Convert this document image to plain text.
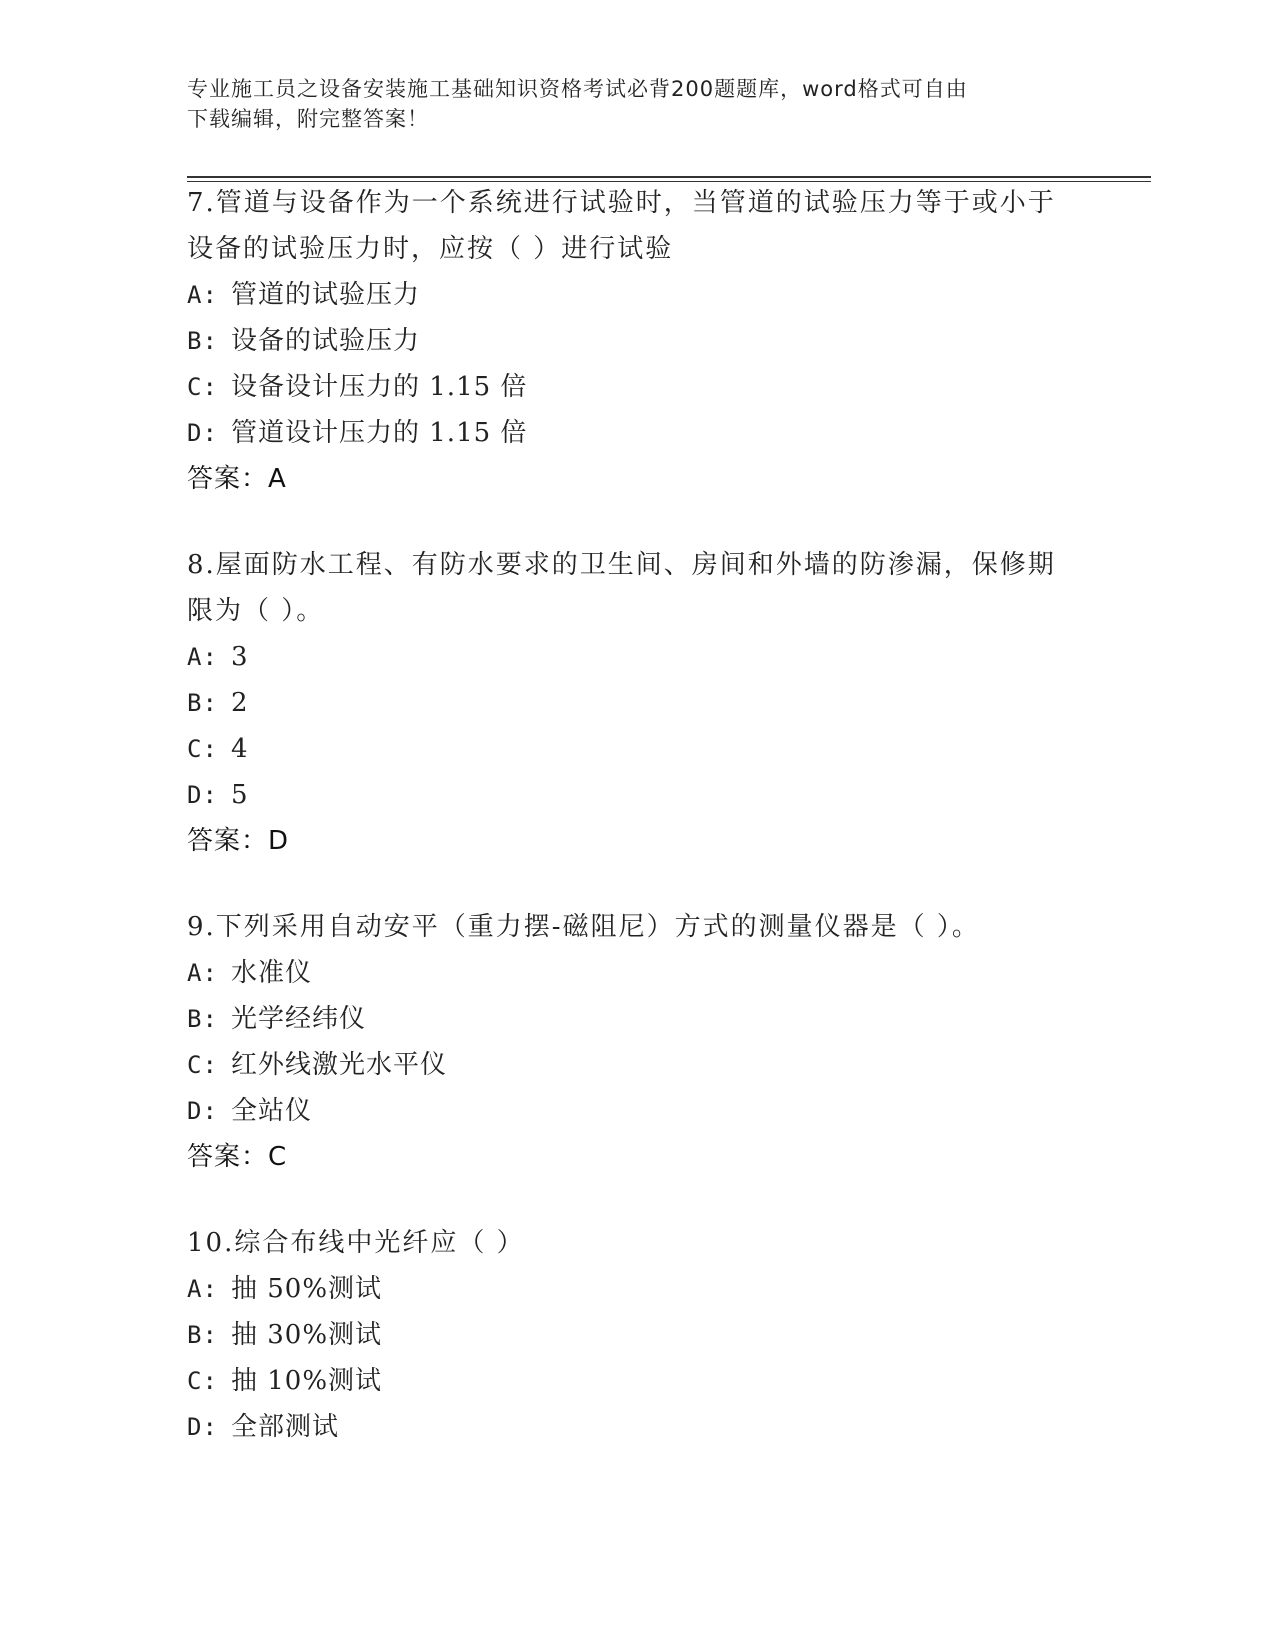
专业施工员之设备安装施工基础知识资格考试必背200题题库，word格式可自由
下载编辑，附完整答案！

7.管道与设备作为一个系统进行试验时，当管道的试验压力等于或小于设备的试验压力时，应按（ ）进行试验

A: 管道的试验压力
B: 设备的试验压力
C: 设备设计压力的 1.15 倍
D: 管道设计压力的 1.15 倍
答案：A

8.屋面防水工程、有防水要求的卫生间、房间和外墙的防渗漏，保修期限为（ ）。

A: 3
B: 2
C: 4
D: 5
答案：D

9.下列采用自动安平（重力摆-磁阻尼）方式的测量仪器是（ ）。

A: 水准仪
B: 光学经纬仪
C: 红外线激光水平仪
D: 全站仪
答案：C

10.综合布线中光纤应（ ）

A: 抽 50%测试
B: 抽 30%测试
C: 抽 10%测试
D: 全部测试
